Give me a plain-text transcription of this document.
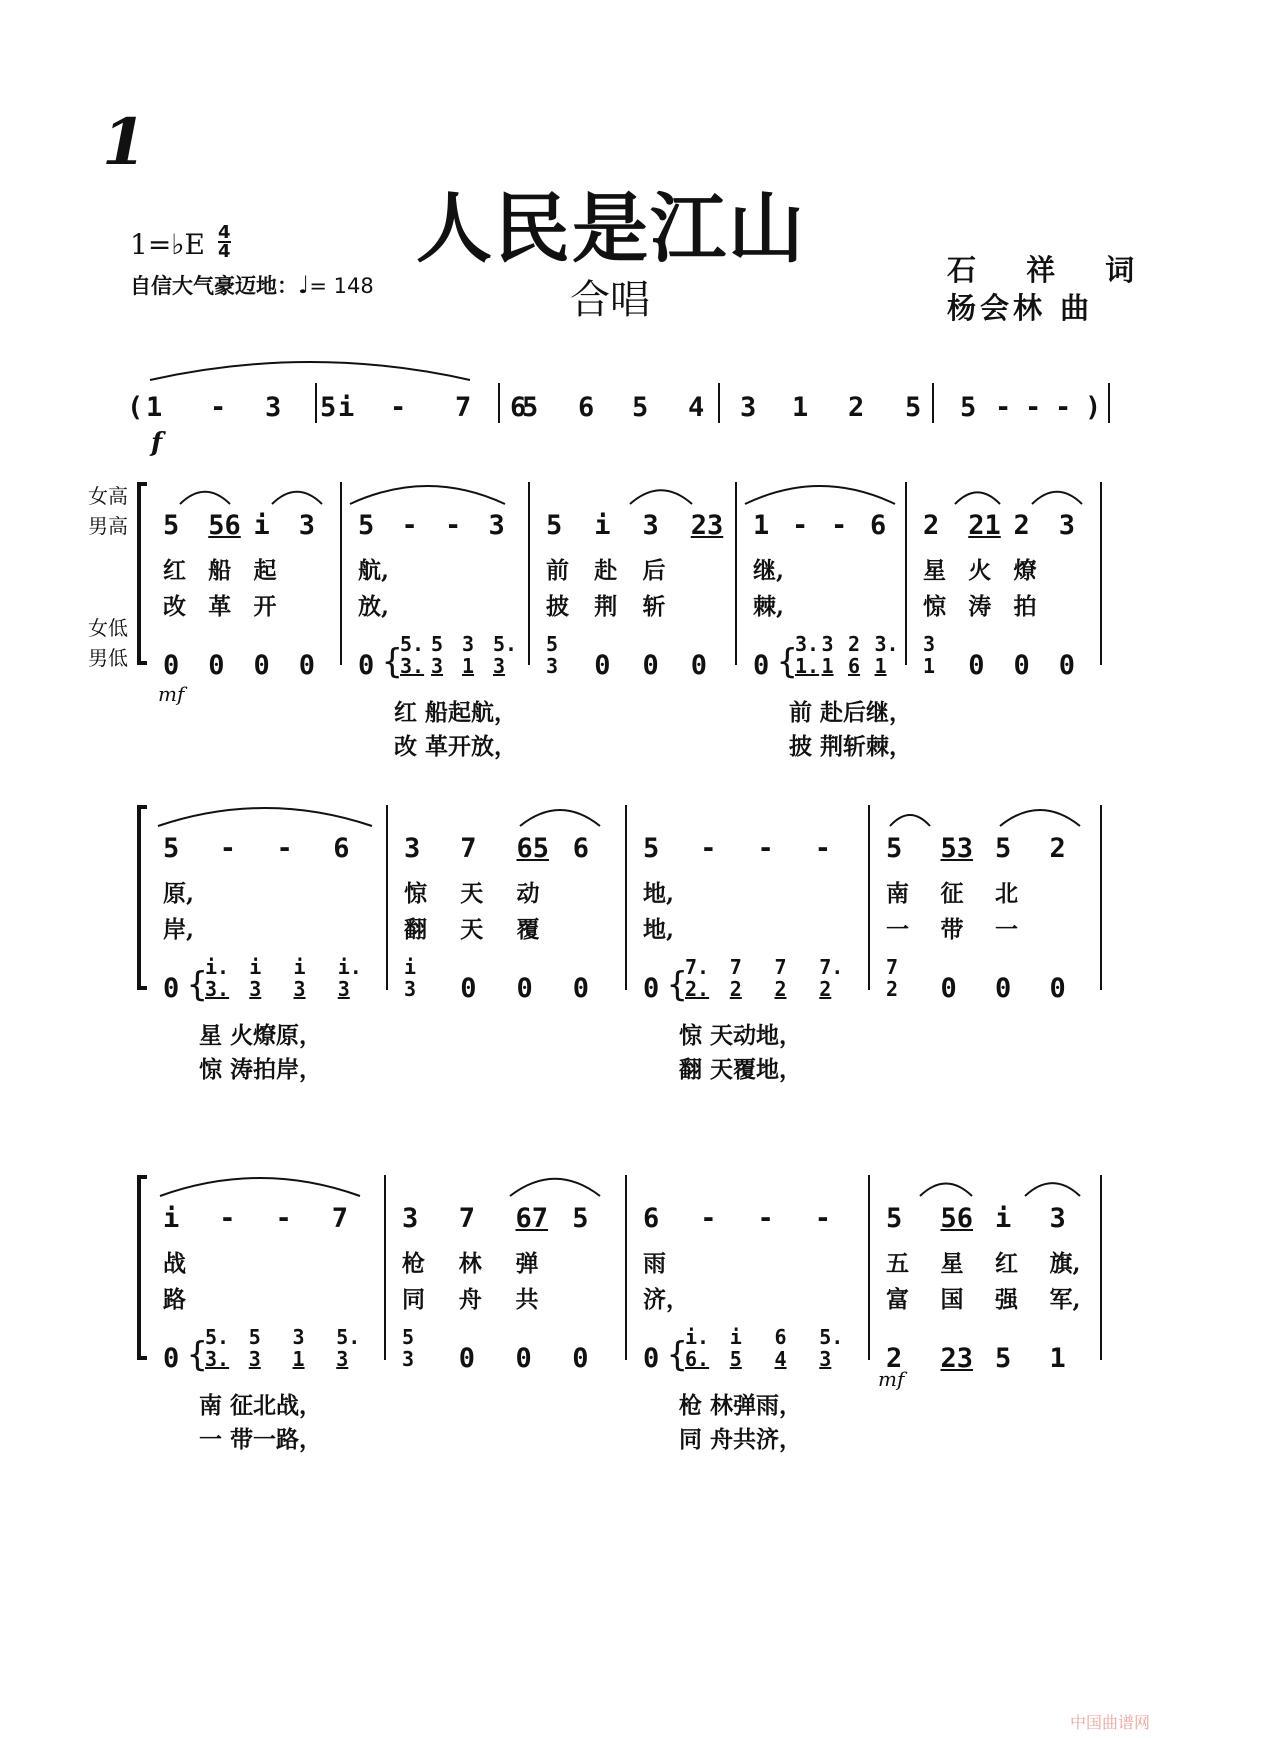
1
人民是江山
合唱
1=♭E 4
4
自信大气豪迈地：♩= 148	石 祥 词
杨会林 曲
( 1 - 3 5 i - 7 6
5 6 5 4 3 1 2 5 5 - - - )
f
5 56 i 3
红 船 起
改 革 开
5 - - 3
航,
放,
5 i 3 23
前 赴 后
披 荆 斩
1 - - 6
继,
棘,
2 21 2 3
星 火 燎
惊 涛 拍
0 0 0 0 0 {
5. 5 3 5.
3. 3 1 3
5
3 0 0 0 0 {
3. 3 2 3.
1. 1 6 1
3
1 0 0 0
红 船起航，	前 赴后继，
改 革开放，	披 荆斩棘，
女高
男高
女低
男低
mf
5 - - 6
原,
岸,
3 7 65 6
惊 天 动
翻 天 覆
5 - - -
地,
地,
5 53 5 2
南 征 北
一 带 一
0 {
i. i i i.
3. 3 3 3
i
3 0 0 0 0 {
7. 7 7 7.
2. 2 2 2
7
2 0 0 0
星 火燎原，	惊 天动地，
惊 涛拍岸，	翻 天覆地，
i - - 7
战
路
3 7 67 5
枪 林 弹
同 舟 共
6 - - -
雨
济，
5 56 i 3
五 星 红 旗,
富 国 强 军,
0 {
5. 5 3 5.
3. 3 1 3
5
3 0 0 0 0 {
i. i 6 5.
6. 5 4 3 2 23 5 1
南 征北战，	枪 林弹雨，
一 带一路，	同 舟共济，
mf
中国曲谱网
